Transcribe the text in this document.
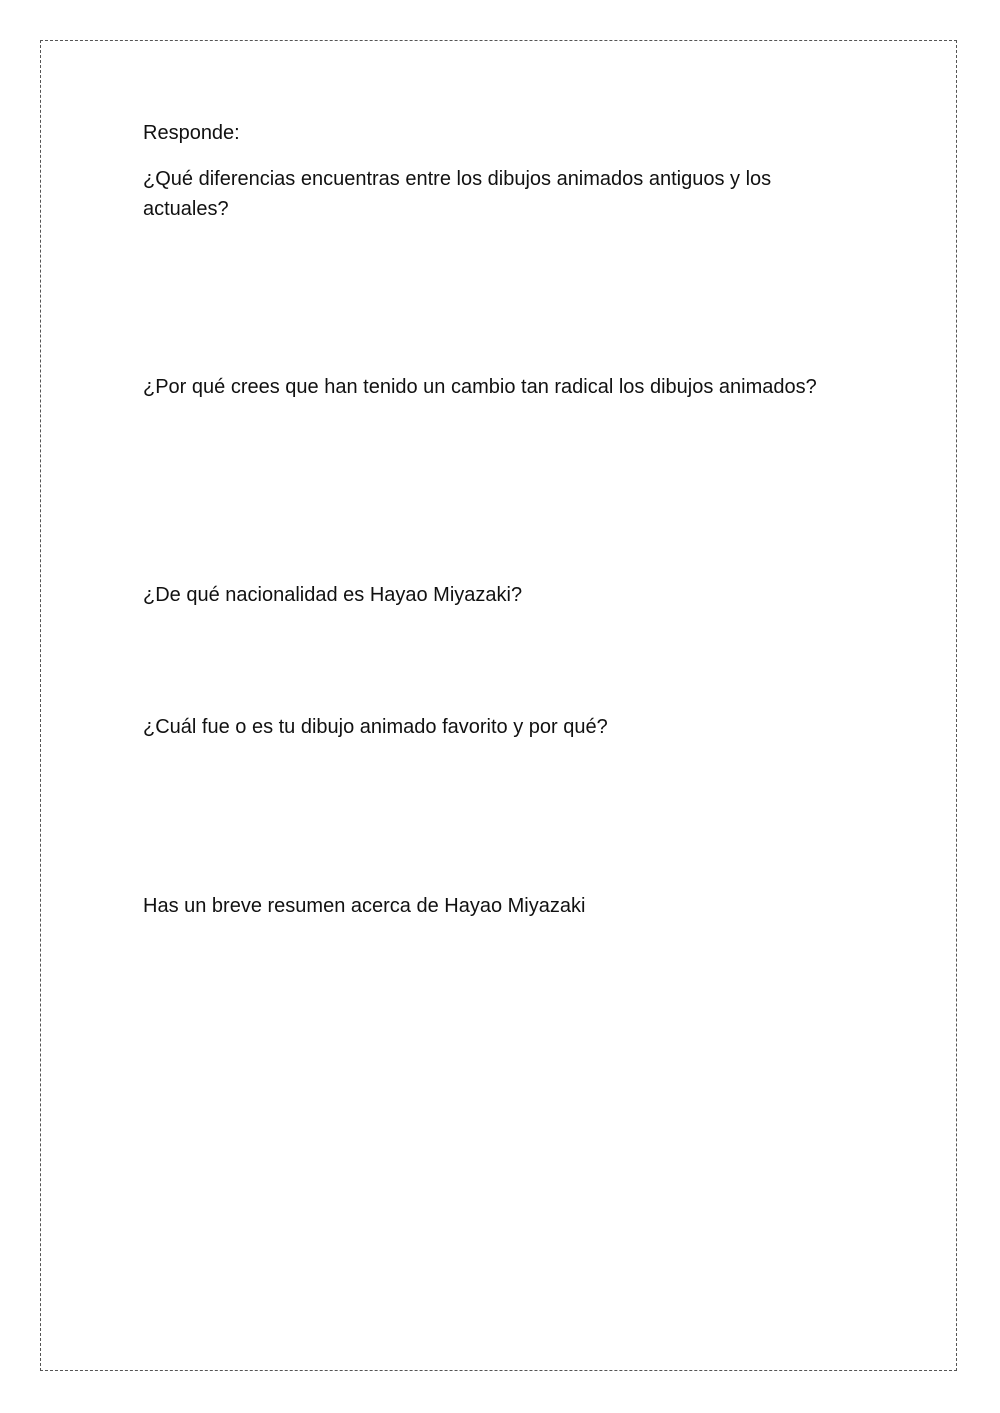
Responde:

¿Qué diferencias encuentras entre los dibujos animados antiguos y los actuales?

¿Por qué crees que han tenido un cambio tan radical los dibujos animados?

¿De qué nacionalidad es Hayao Miyazaki?

¿Cuál fue o es tu dibujo animado favorito y por qué?

Has un breve resumen acerca de Hayao Miyazaki
